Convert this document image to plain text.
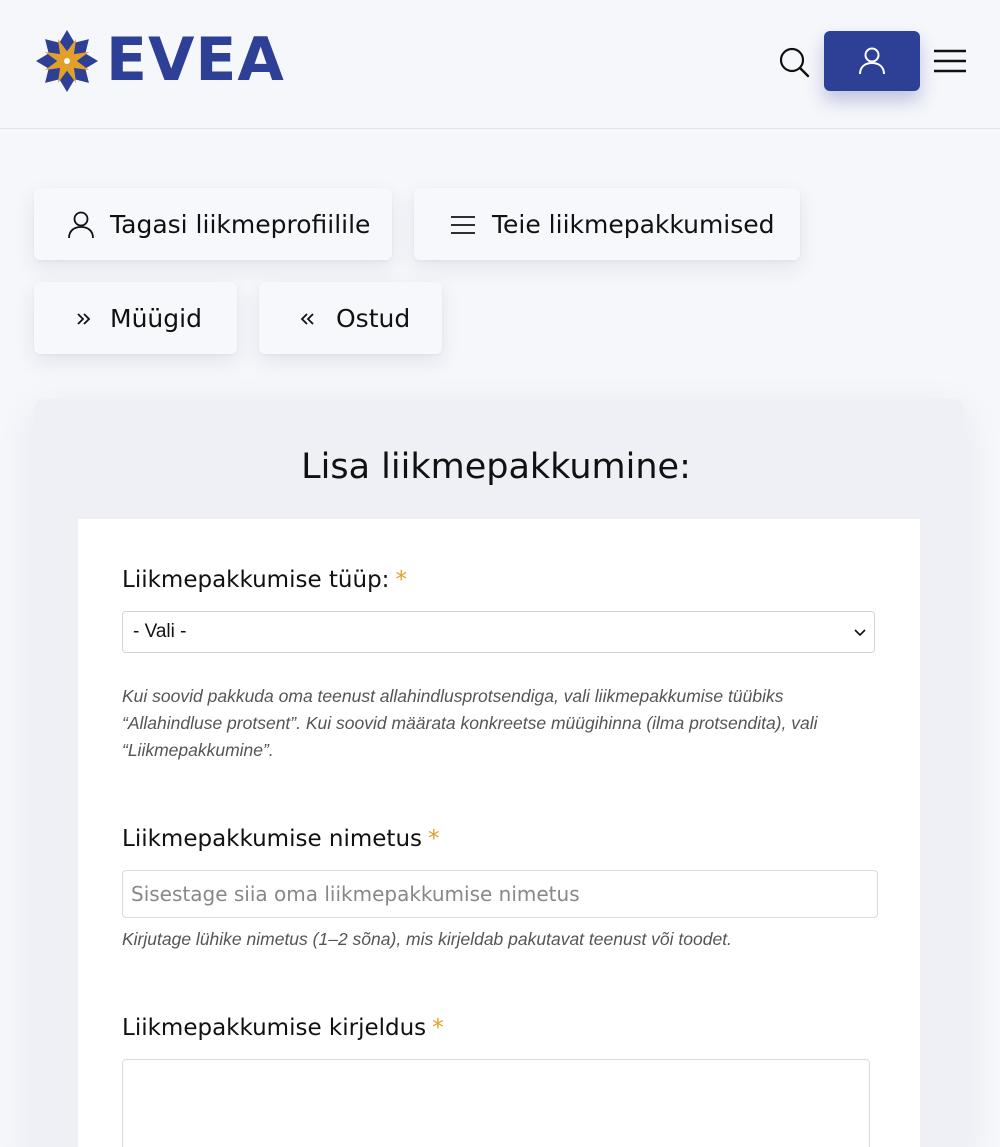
EVEA
Tagasi liikmeprofiilile	Teie liikmepakkumised
Müügid	Ostud
Lisa liikmepakkumine:
Liikmepakkumise tüüp: *
- Vali -
Kui soovid pakkuda oma teenust allahindlusprotsendiga, vali liikmepakkumise tüübiks “Allahindluse protsent”. Kui soovid määrata konkreetse müügihinna (ilma protsendita), vali “Liikmepakkumine”.
Liikmepakkumise nimetus *
Sisestage siia oma liikmepakkumise nimetus
Kirjutage lühike nimetus (1–2 sõna), mis kirjeldab pakutavat teenust või toodet.
Liikmepakkumise kirjeldus *
